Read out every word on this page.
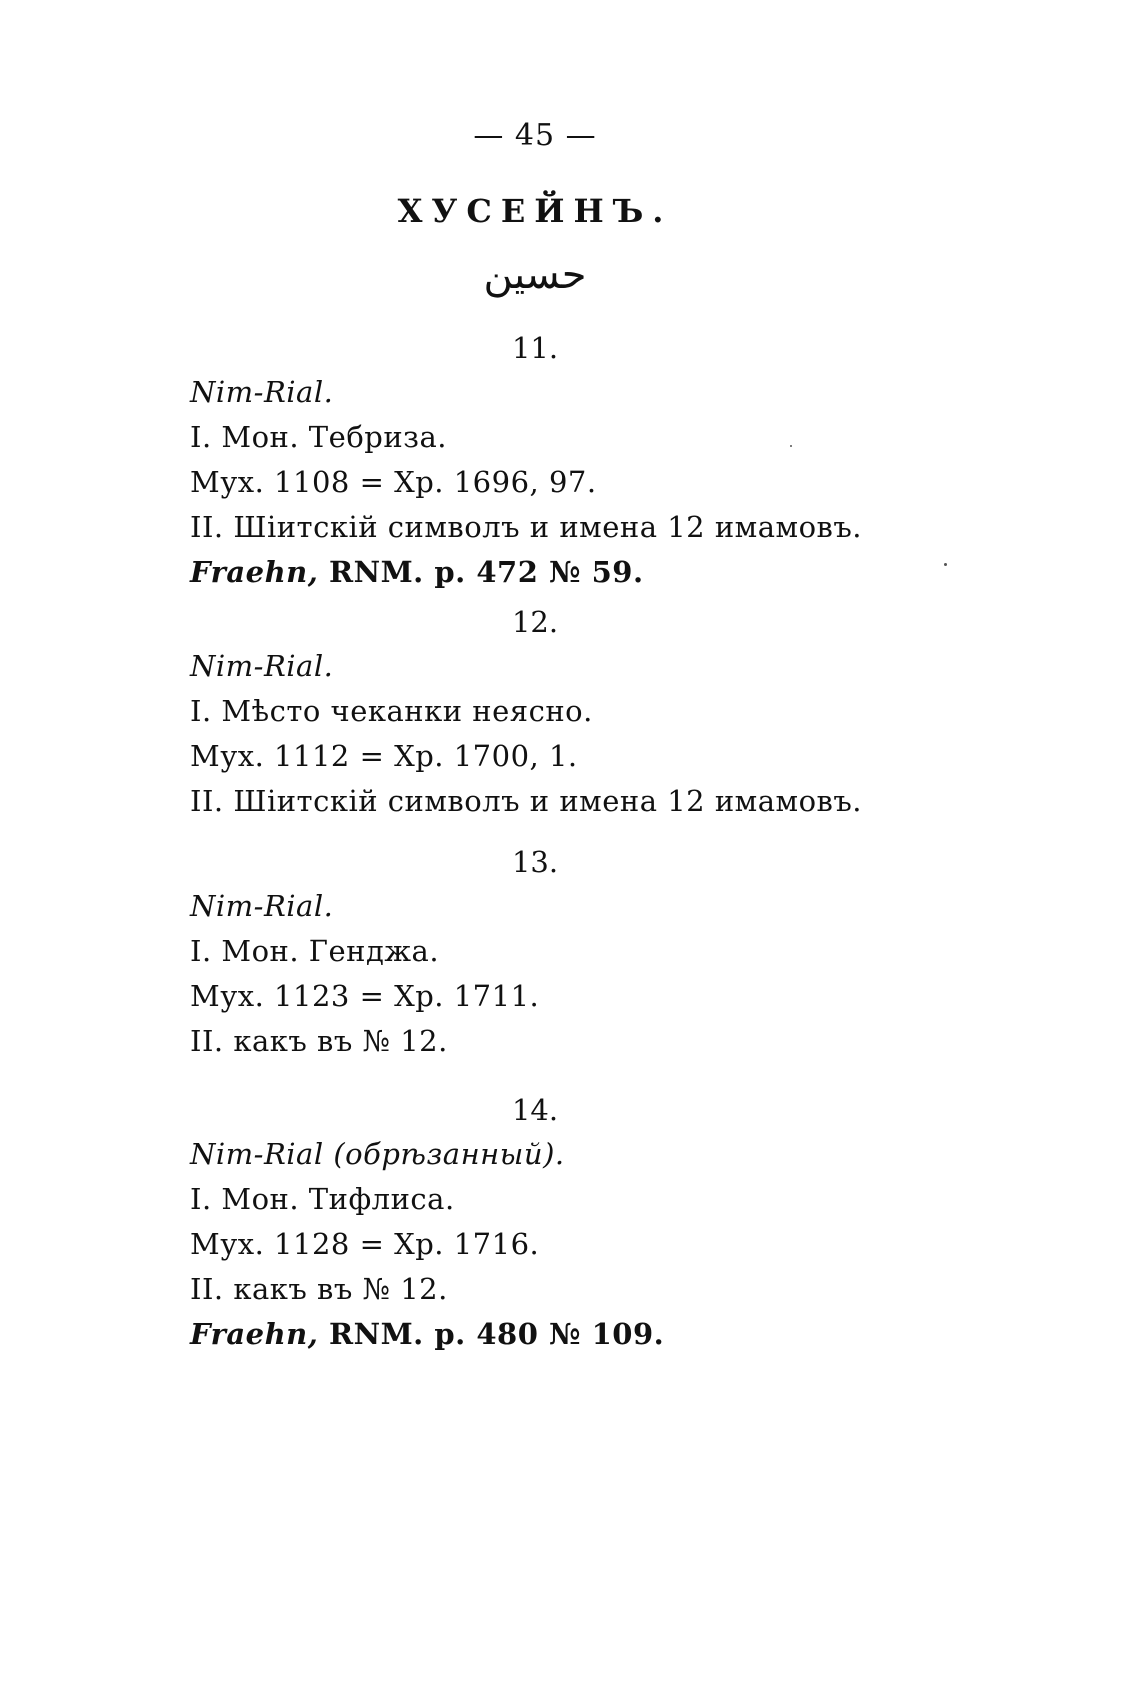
— 45 —
ХУСЕЙНЪ.
حسين
11.
Nim-Rial.
I. Мон. Тебриза.
Мух. 1108 = Хр. 1696, 97.
II. Шіитскій символъ и имена 12 имамовъ.
Fraehn, RNM. p. 472 № 59.
12.
Nim-Rial.
I. Мѣсто чеканки неясно.
Мух. 1112 = Хр. 1700, 1.
II. Шіитскій символъ и имена 12 имамовъ.
13.
Nim-Rial.
I. Мон. Генджа.
Мух. 1123 = Хр. 1711.
II. какъ въ № 12.
14.
Nim-Rial (обрѣзанный).
I. Мон. Тифлиса.
Мух. 1128 = Хр. 1716.
II. какъ въ № 12.
Fraehn, RNM. p. 480 № 109.
